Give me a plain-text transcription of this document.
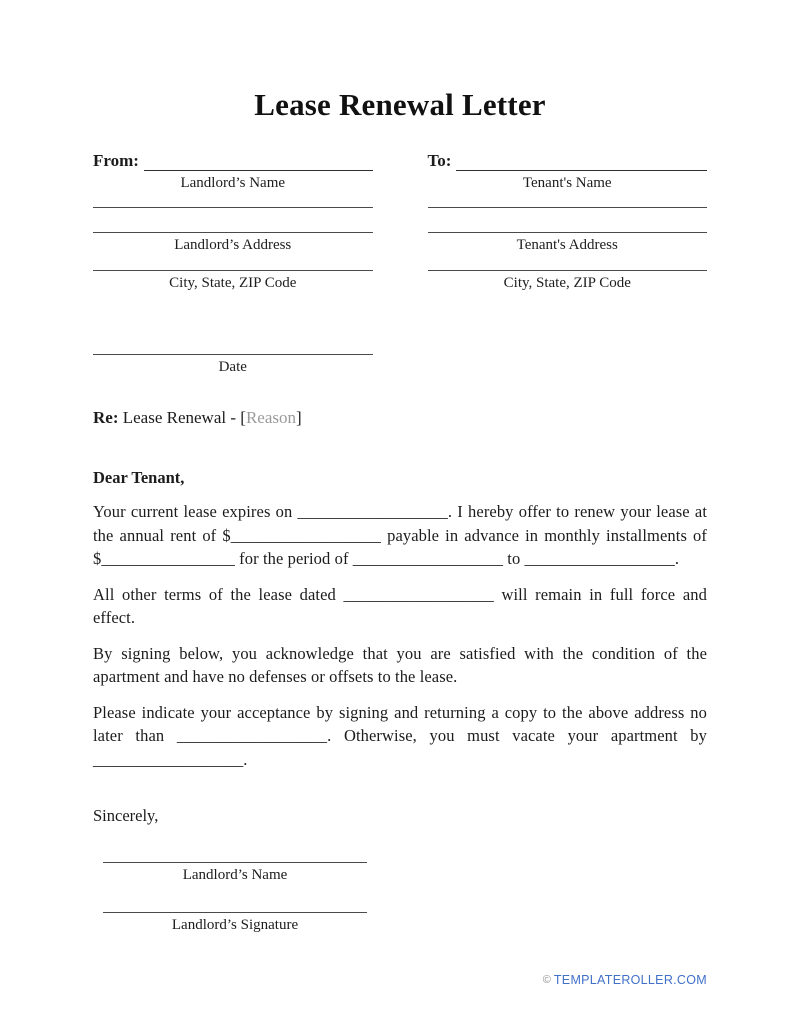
Lease Renewal Letter
From:
Landlord’s Name
Landlord’s Address
City, State, ZIP Code
To:
Tenant's Name
Tenant's Address
City, State, ZIP Code
Date

Re: Lease Renewal - [Reason]

Dear Tenant,

Your current lease expires on __________________. I hereby offer to renew your lease at the annual rent of $__________________ payable in advance in monthly installments of $________________ for the period of __________________ to __________________.

All other terms of the lease dated __________________ will remain in full force and effect.

By signing below, you acknowledge that you are satisfied with the condition of the apartment and have no defenses or offsets to the lease.

Please indicate your acceptance by signing and returning a copy to the above address no later than __________________. Otherwise, you must vacate your apartment by __________________.

Sincerely,

Landlord’s Name
Landlord’s Signature
© TEMPLATEROLLER.COM
